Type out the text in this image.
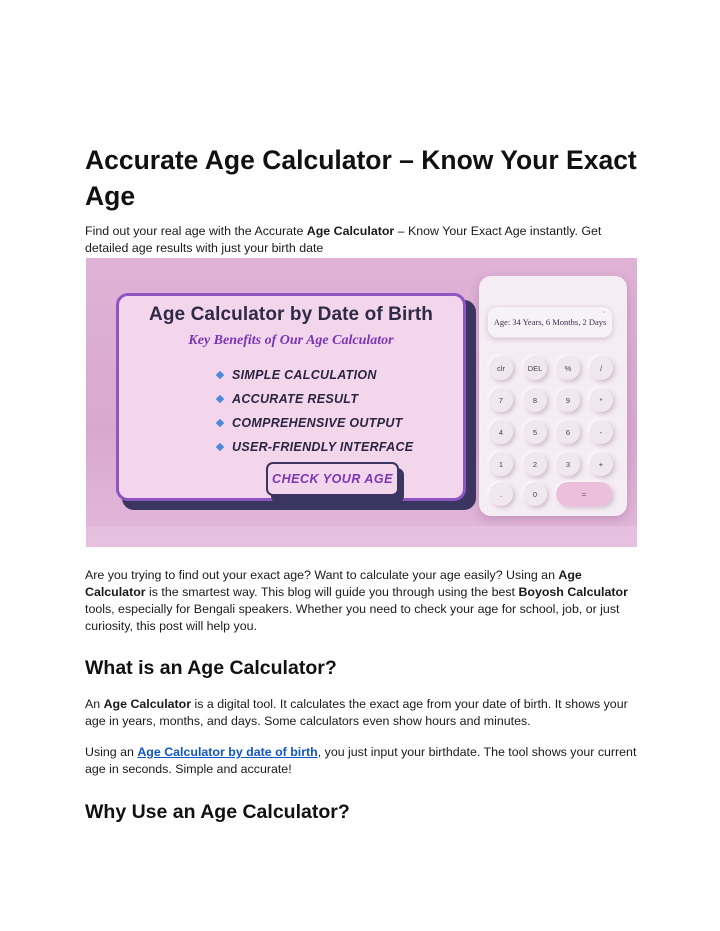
Accurate Age Calculator – Know Your Exact Age

Find out your real age with the Accurate Age Calculator – Know Your Exact Age instantly. Get detailed age results with just your birth date

Are you trying to find out your exact age? Want to calculate your age easily? Using an Age Calculator is the smartest way. This blog will guide you through using the best Boyosh Calculator tools, especially for Bengali speakers. Whether you need to check your age for school, job, or just curiosity, this post will help you.

What is an Age Calculator?

An Age Calculator is a digital tool. It calculates the exact age from your date of birth. It shows your age in years, months, and days. Some calculators even show hours and minutes.

Using an Age Calculator by date of birth, you just input your birthdate. The tool shows your current age in seconds. Simple and accurate!

Why Use an Age Calculator?
Age Calculator by Date of Birth
Key Benefits of Our Age Calculator
SIMPLE CALCULATION
ACCURATE RESULT
COMPREHENSIVE OUTPUT
USER-FRIENDLY INTERFACE
CHECK YOUR AGE
Age: 34 Years, 6 Months, 2 Days
ˇ
clr	DEL	%	/
7	8	9	*
4	5	6	-
1	2	3	+
.	0	=
